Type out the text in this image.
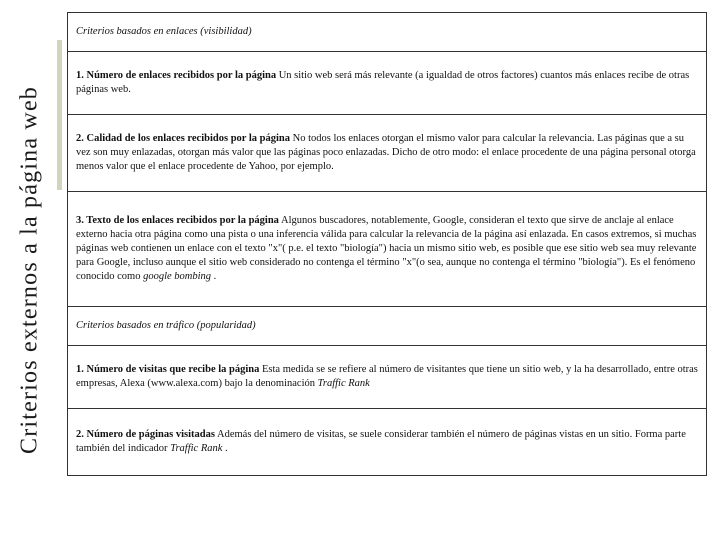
Criterios externos a la página web
Criterios basados en enlaces (visibilidad)
1. Número de enlaces recibidos por la página Un sitio web será más relevante (a igualdad de otros factores) cuantos más enlaces recibe de otras páginas web.
2. Calidad de los enlaces recibidos por la página No todos los enlaces otorgan el mismo valor para calcular la relevancia. Las páginas que a su vez son muy enlazadas, otorgan más valor que las páginas poco enlazadas. Dicho de otro modo: el enlace procedente de una página personal otorga menos valor que el enlace procedente de Yahoo, por ejemplo.
3. Texto de los enlaces recibidos por la página Algunos buscadores, notablemente, Google, consideran el texto que sirve de anclaje al enlace externo hacia otra página como una pista o una inferencia válida para calcular la relevancia de la página así enlazada. En casos extremos, si muchas páginas web contienen un enlace con el texto "x"( p.e. el texto "biología") hacia un mismo sitio web, es posible que ese sitio web sea muy relevante para Google, incluso aunque el sitio web considerado no contenga el término "x"(o sea, aunque no contenga el término "biología"). Es el fenómeno conocido como google bombing .
Criterios basados en tráfico (popularidad)
1. Número de visitas que recibe la página Esta medida se se refiere al número de visitantes que tiene un sitio web, y la ha desarrollado, entre otras empresas, Alexa (www.alexa.com) bajo la denominación Traffic Rank
2. Número de páginas visitadas Además del número de visitas, se suele considerar también el número de páginas vistas en un sitio. Forma parte también del indicador Traffic Rank .
